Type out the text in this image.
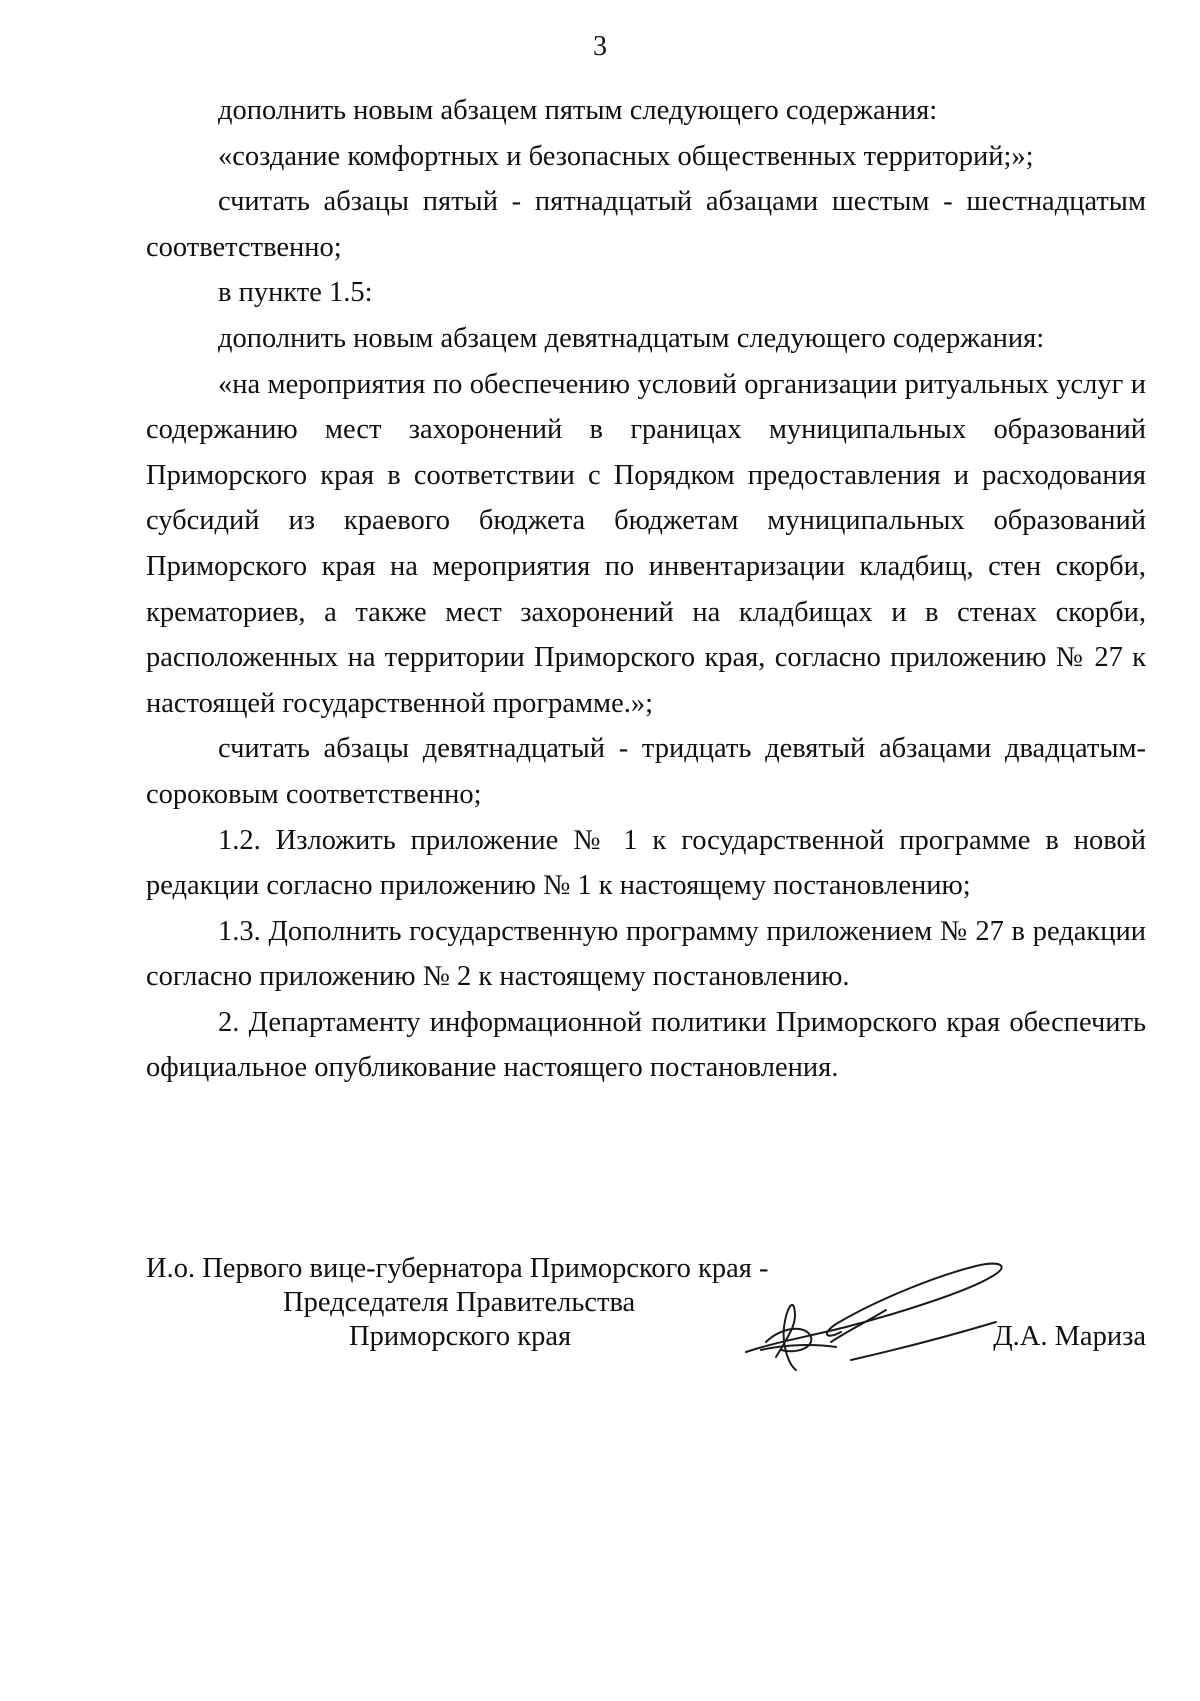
3

дополнить новым абзацем пятым следующего содержания:

«создание комфортных и безопасных общественных территорий;»;

считать абзацы пятый - пятнадцатый абзацами шестым - шестнадцатым соответственно;

в пункте 1.5:

дополнить новым абзацем девятнадцатым следующего содержания:

«на мероприятия по обеспечению условий организации ритуальных услуг и содержанию мест захоронений в границах муниципальных образований Приморского края в соответствии с Порядком предоставления и расходования субсидий из краевого бюджета бюджетам муниципальных образований Приморского края на мероприятия по инвентаризации кладбищ, стен скорби, крематориев, а также мест захоронений на кладбищах и в стенах скорби, расположенных на территории Приморского края, согласно приложению № 27 к настоящей государственной программе.»;

считать абзацы девятнадцатый - тридцать девятый абзацами двадцатым-сороковым соответственно;

1.2. Изложить приложение № 1 к государственной программе в новой редакции согласно приложению № 1 к настоящему постановлению;

1.3. Дополнить государственную программу приложением № 27 в редакции согласно приложению № 2 к настоящему постановлению.

2. Департаменту информационной политики Приморского края обеспечить официальное опубликование настоящего постановления.

И.о. Первого вице-губернатора Приморского края -
Председателя Правительства
Приморского края	Д.А. Мариза
